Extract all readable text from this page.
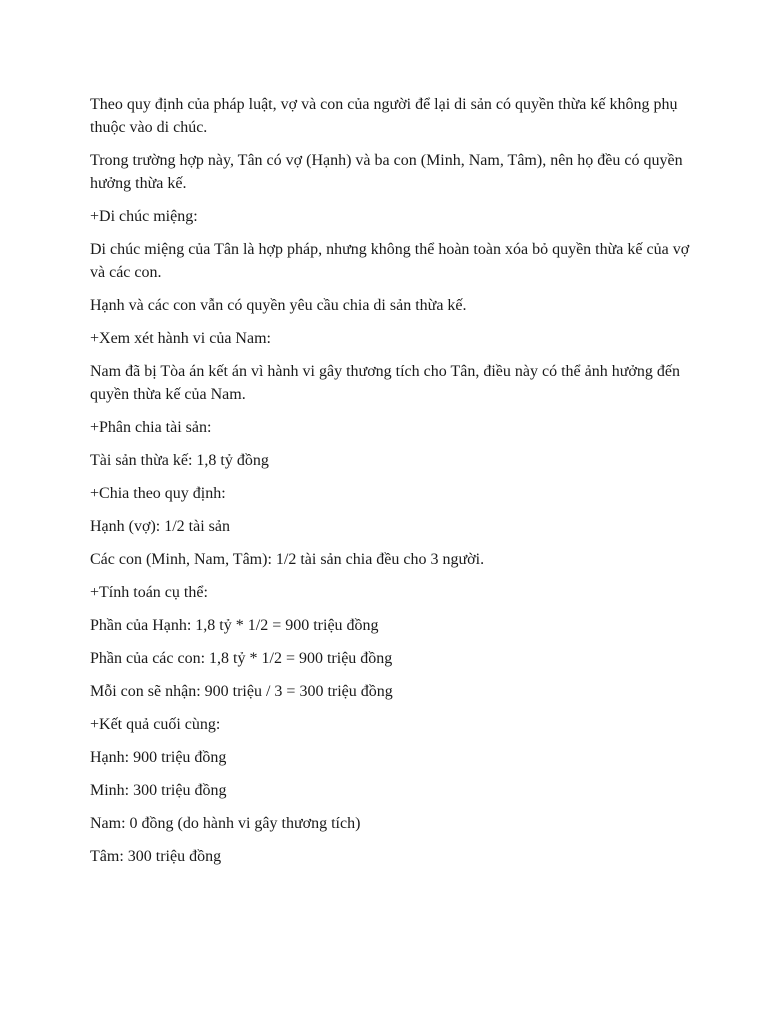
Theo quy định của pháp luật, vợ và con của người để lại di sản có quyền thừa kế không phụ thuộc vào di chúc.

Trong trường hợp này, Tân có vợ (Hạnh) và ba con (Minh, Nam, Tâm), nên họ đều có quyền hưởng thừa kế.

+Di chúc miệng:

Di chúc miệng của Tân là hợp pháp, nhưng không thể hoàn toàn xóa bỏ quyền thừa kế của vợ và các con.

Hạnh và các con vẫn có quyền yêu cầu chia di sản thừa kế.

+Xem xét hành vi của Nam:

Nam đã bị Tòa án kết án vì hành vi gây thương tích cho Tân, điều này có thể ảnh hưởng đến quyền thừa kế của Nam.

+Phân chia tài sản:

Tài sản thừa kế: 1,8 tỷ đồng

+Chia theo quy định:

Hạnh (vợ): 1/2 tài sản

Các con (Minh, Nam, Tâm): 1/2 tài sản chia đều cho 3 người.

+Tính toán cụ thể:

Phần của Hạnh: 1,8 tỷ * 1/2 = 900 triệu đồng

Phần của các con: 1,8 tỷ * 1/2 = 900 triệu đồng

Mỗi con sẽ nhận: 900 triệu / 3 = 300 triệu đồng

+Kết quả cuối cùng:

Hạnh: 900 triệu đồng

Minh: 300 triệu đồng

Nam: 0 đồng (do hành vi gây thương tích)

Tâm: 300 triệu đồng
